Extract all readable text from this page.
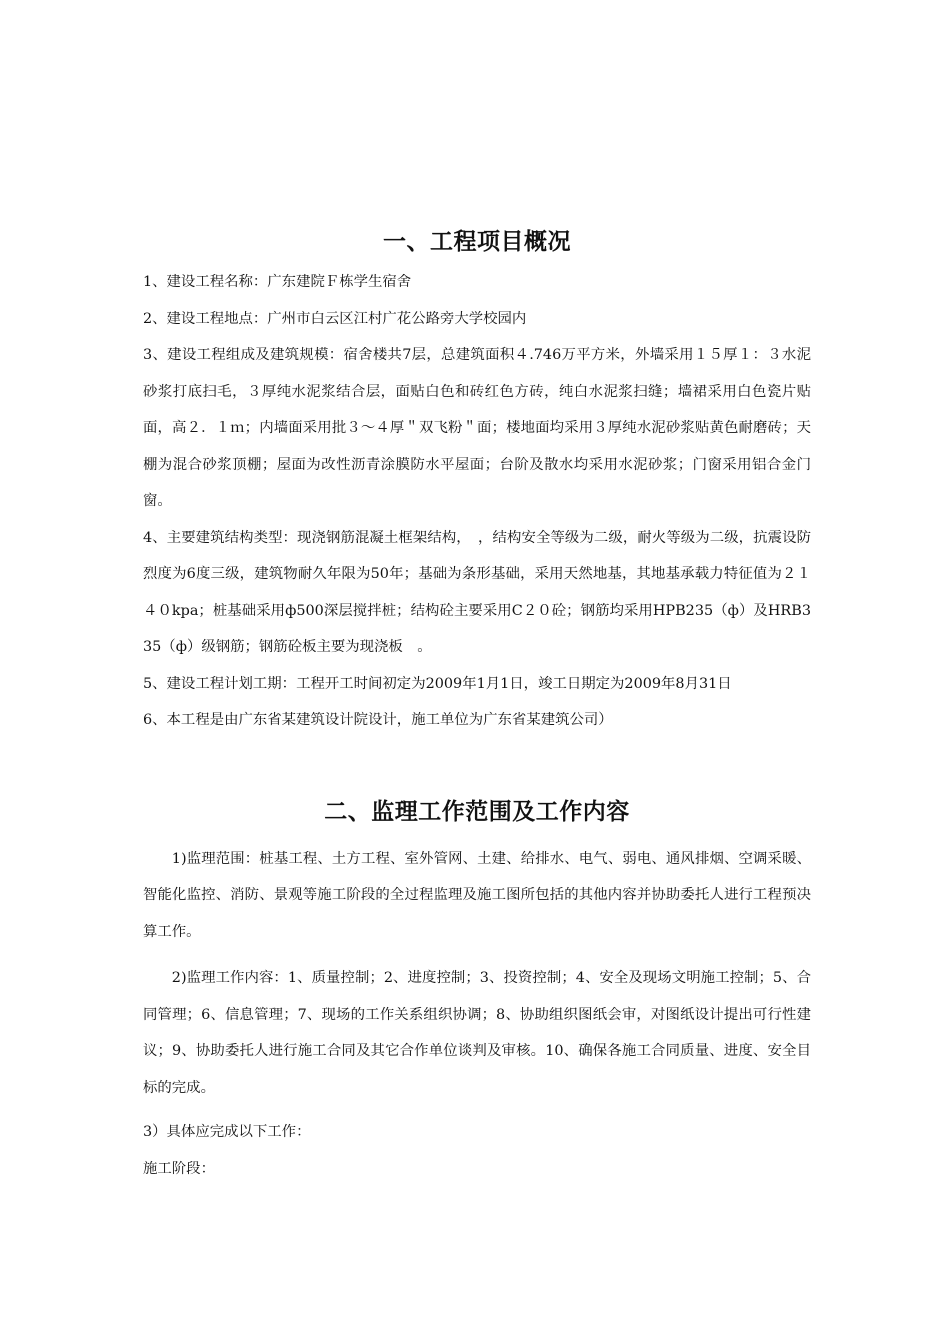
一、工程项目概况

1、建设工程名称：广东建院Ｆ栋学生宿舍

2、建设工程地点：广州市白云区江村广花公路旁大学校园内

3、建设工程组成及建筑规模：宿舍楼共7层，总建筑面积４.746万平方米，外墙采用１５厚１：３水泥砂浆打底扫毛，３厚纯水泥浆结合层，面贴白色和砖红色方砖，纯白水泥浆扫缝；墙裙采用白色瓷片贴面，高２．１ｍ；内墙面采用批３～４厚＂双飞粉＂面；楼地面均采用３厚纯水泥砂浆贴黄色耐磨砖；天棚为混合砂浆顶棚；屋面为改性沥青涂膜防水平屋面；台阶及散水均采用水泥砂浆；门窗采用铝合金门窗。

4、主要建筑结构类型：现浇钢筋混凝土框架结构，　，结构安全等级为二级，耐火等级为二级，抗震设防烈度为6度三级，建筑物耐久年限为50年；基础为条形基础，采用天然地基，其地基承载力特征值为２１４０kpa；桩基础采用ф500深层搅拌桩；结构砼主要采用C２０砼；钢筋均采用HPB235（ф）及HRB335（ф）级钢筋；钢筋砼板主要为现浇板　。

5、建设工程计划工期：工程开工时间初定为2009年1月1日，竣工日期定为2009年8月31日

6、本工程是由广东省某建筑设计院设计，施工单位为广东省某建筑公司）

二、监理工作范围及工作内容

1)监理范围：桩基工程、土方工程、室外管网、土建、给排水、电气、弱电、通风排烟、空调采暖、智能化监控、消防、景观等施工阶段的全过程监理及施工图所包括的其他内容并协助委托人进行工程预决算工作。

2)监理工作内容：1、质量控制；2、进度控制；3、投资控制；4、安全及现场文明施工控制；5、合同管理；6、信息管理；7、现场的工作关系组织协调；8、协助组织图纸会审，对图纸设计提出可行性建议；9、协助委托人进行施工合同及其它合作单位谈判及审核。10、确保各施工合同质量、进度、安全目标的完成。

3）具体应完成以下工作：

施工阶段：
